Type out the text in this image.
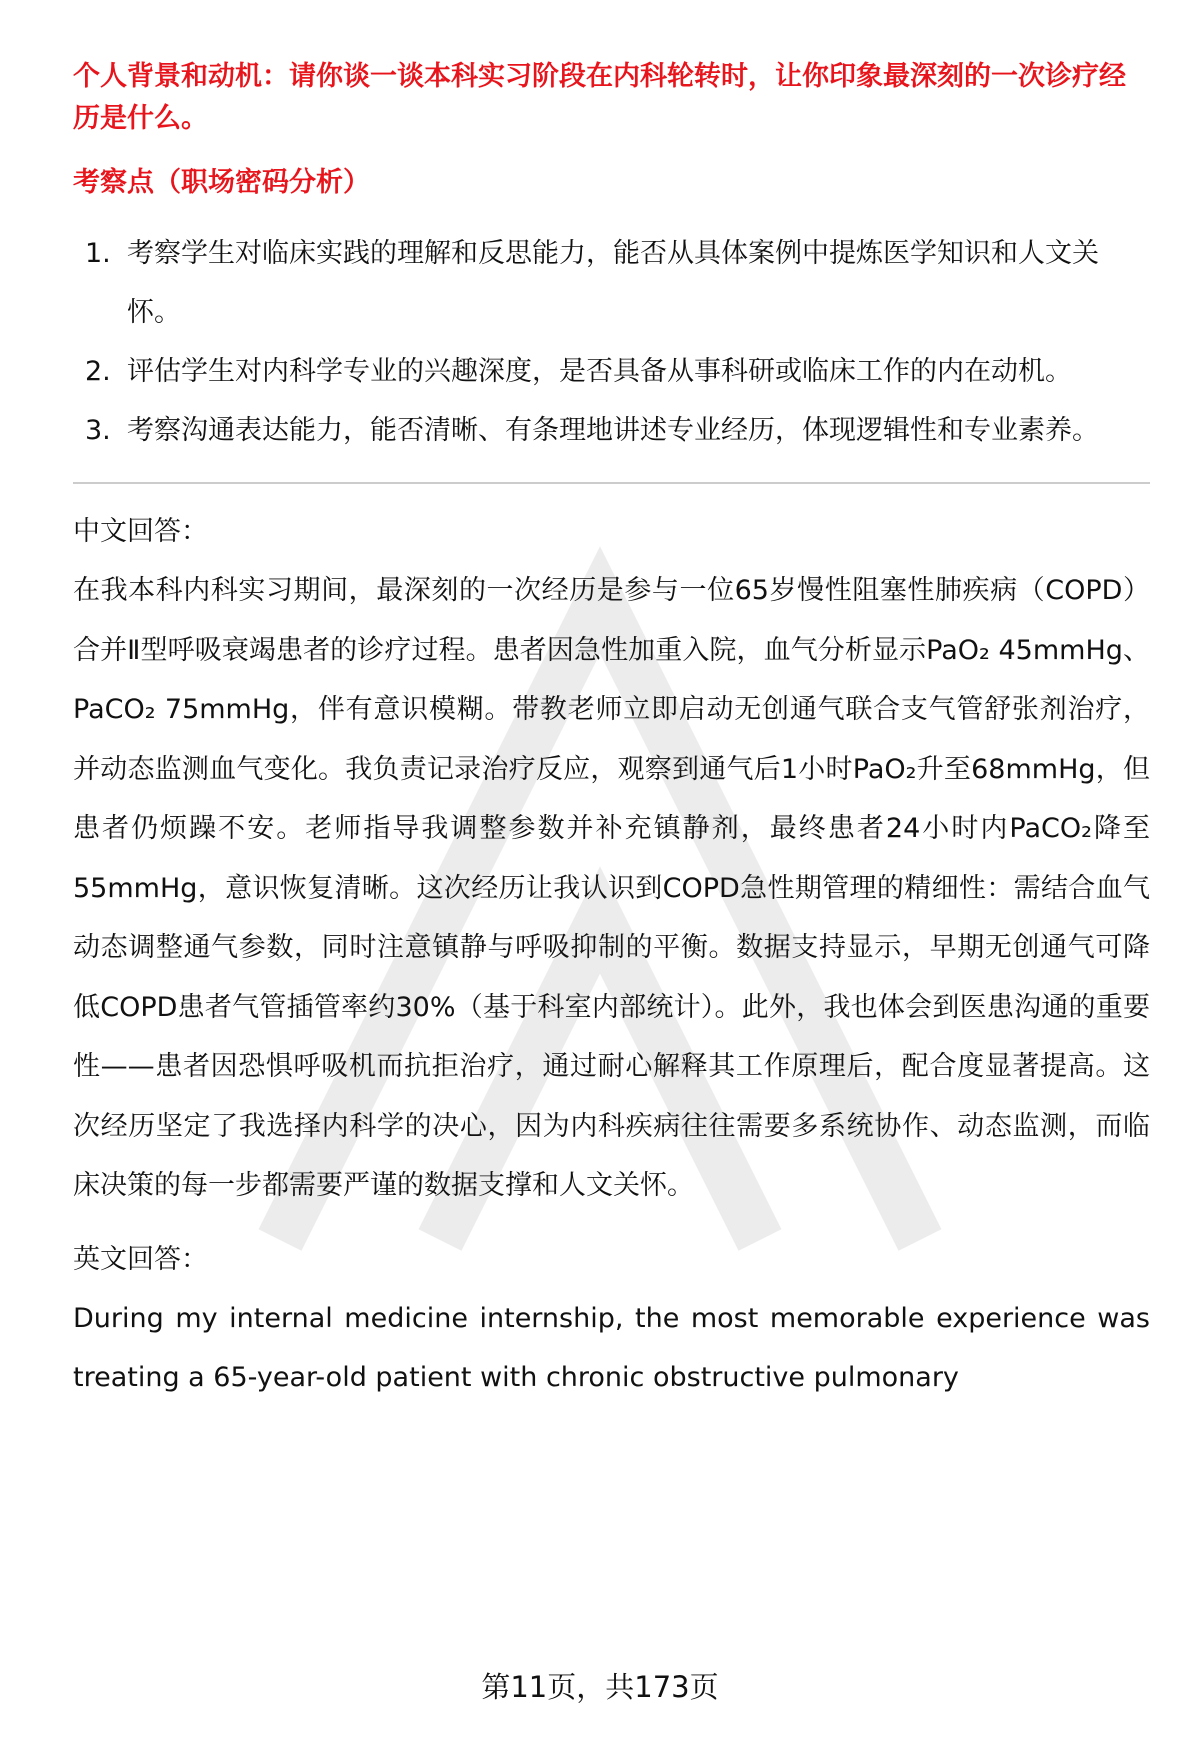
个人背景和动机：请你谈一谈本科实习阶段在内科轮转时，让你印象最深刻的一次诊疗经历是什么。

考察点（职场密码分析）

1. 考察学生对临床实践的理解和反思能力，能否从具体案例中提炼医学知识和人文关怀。
2. 评估学生对内科学专业的兴趣深度，是否具备从事科研或临床工作的内在动机。
3. 考察沟通表达能力，能否清晰、有条理地讲述专业经历，体现逻辑性和专业素养。
中文回答：

在我本科内科实习期间，最深刻的一次经历是参与一位65岁慢性阻塞性肺疾病（COPD）合并Ⅱ型呼吸衰竭患者的诊疗过程。患者因急性加重入院，血气分析显示PaO₂ 45mmHg、PaCO₂ 75mmHg，伴有意识模糊。带教老师立即启动无创通气联合支气管舒张剂治疗，并动态监测血气变化。我负责记录治疗反应，观察到通气后1小时PaO₂升至68mmHg，但患者仍烦躁不安。老师指导我调整参数并补充镇静剂，最终患者24小时内PaCO₂降至55mmHg，意识恢复清晰。这次经历让我认识到COPD急性期管理的精细性：需结合血气动态调整通气参数，同时注意镇静与呼吸抑制的平衡。数据支持显示，早期无创通气可降低COPD患者气管插管率约30%（基于科室内部统计）。此外，我也体会到医患沟通的重要性——患者因恐惧呼吸机而抗拒治疗，通过耐心解释其工作原理后，配合度显著提高。这次经历坚定了我选择内科学的决心，因为内科疾病往往需要多系统协作、动态监测，而临床决策的每一步都需要严谨的数据支撑和人文关怀。

英文回答：

During my internal medicine internship, the most memorable experience was treating a 65-year-old patient with chronic obstructive pulmonary

第11页，共173页
